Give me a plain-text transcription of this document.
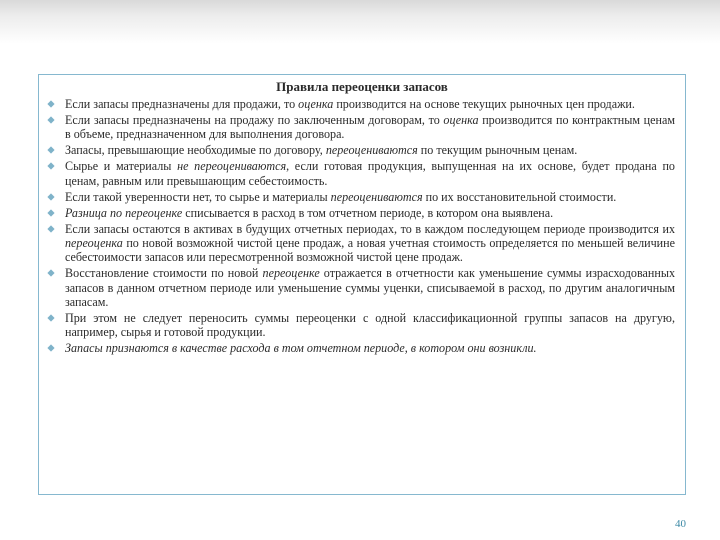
Правила переоценки запасов
Если запасы предназначены для продажи, то оценка производится на основе текущих рыночных цен продажи.
Если запасы предназначены на продажу по заключенным договорам, то оценка производится по контрактным ценам в объеме, предназначенном для выполнения договора.
Запасы, превышающие необходимые по договору, переоцениваются по текущим рыночным ценам.
Сырье и материалы не переоцениваются, если готовая продукция, выпущенная на их основе, будет продана по ценам, равным или превышающим себестоимость.
Если такой уверенности нет, то сырье и материалы переоцениваются по их восстановительной стоимости.
Разница по переоценке списывается в расход в том отчетном периоде, в котором она выявлена.
Если запасы остаются в активах в будущих отчетных периодах, то в каждом последующем периоде производится их переоценка по новой возможной чистой цене продаж, а новая учетная стоимость определяется по меньшей величине себестоимости запасов или пересмотренной возможной чистой цене продаж.
Восстановление стоимости по новой переоценке отражается в отчетности как уменьшение суммы израсходованных запасов в данном отчетном периоде или уменьшение суммы уценки, списываемой в расход, по другим аналогичным запасам.
При этом не следует переносить суммы переоценки с одной классификационной группы запасов на другую, например, сырья и готовой продукции.
Запасы признаются в качестве расхода в том отчетном периоде, в котором они возникли.
40
